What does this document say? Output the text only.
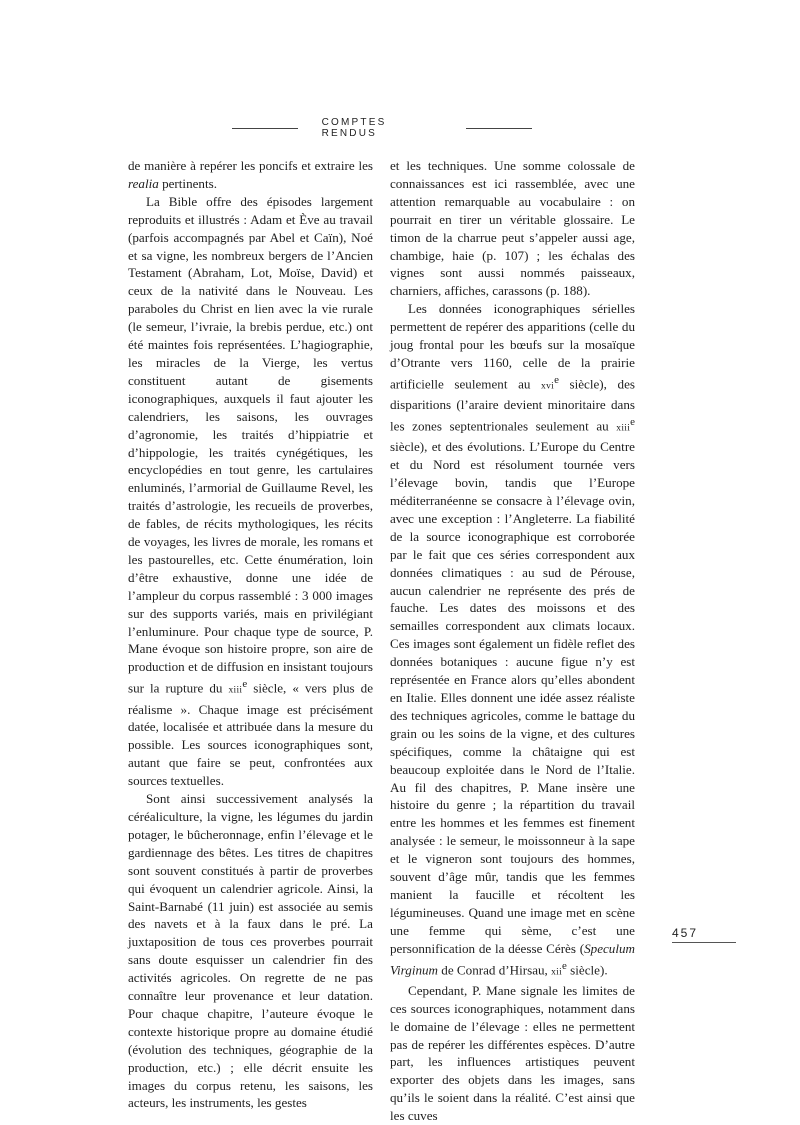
COMPTES RENDUS

de manière à repérer les poncifs et extraire les realia pertinents.

La Bible offre des épisodes largement reproduits et illustrés : Adam et Ève au travail (parfois accompagnés par Abel et Caïn), Noé et sa vigne, les nombreux bergers de l’Ancien Testament (Abraham, Lot, Moïse, David) et ceux de la nativité dans le Nouveau. Les paraboles du Christ en lien avec la vie rurale (le semeur, l’ivraie, la brebis perdue, etc.) ont été maintes fois représentées. L’hagiographie, les miracles de la Vierge, les vertus constituent autant de gisements iconographiques, auxquels il faut ajouter les calendriers, les saisons, les ouvrages d’agronomie, les traités d’hippiatrie et d’hippologie, les traités cynégétiques, les encyclopédies en tout genre, les cartulaires enluminés, l’armorial de Guillaume Revel, les traités d’astrologie, les recueils de proverbes, de fables, de récits mythologiques, les récits de voyages, les livres de morale, les romans et les pastourelles, etc. Cette énumération, loin d’être exhaustive, donne une idée de l’ampleur du corpus rassemblé : 3 000 images sur des supports variés, mais en privilégiant l’enluminure. Pour chaque type de source, P. Mane évoque son histoire propre, son aire de production et de diffusion en insistant toujours sur la rupture du xiii$^e$ siècle, « vers plus de réalisme ». Chaque image est précisément datée, localisée et attribuée dans la mesure du possible. Les sources iconographiques sont, autant que faire se peut, confrontées aux sources textuelles.

Sont ainsi successivement analysés la céréaliculture, la vigne, les légumes du jardin potager, le bûcheronnage, enfin l’élevage et le gardiennage des bêtes. Les titres de chapitres sont souvent constitués à partir de proverbes qui évoquent un calendrier agricole. Ainsi, la Saint-Barnabé (11 juin) est associée au semis des navets et à la faux dans le pré. La juxtaposition de tous ces proverbes pourrait sans doute esquisser un calendrier fin des activités agricoles. On regrette de ne pas connaître leur provenance et leur datation. Pour chaque chapitre, l’auteure évoque le contexte historique propre au domaine étudié (évolution des techniques, géographie de la production, etc.) ; elle décrit ensuite les images du corpus retenu, les saisons, les acteurs, les instruments, les gestes

et les techniques. Une somme colossale de connaissances est ici rassemblée, avec une attention remarquable au vocabulaire : on pourrait en tirer un véritable glossaire. Le timon de la charrue peut s’appeler aussi age, chambige, haie (p. 107) ; les échalas des vignes sont aussi nommés paisseaux, charniers, affiches, carassons (p. 188).

Les données iconographiques sérielles permettent de repérer des apparitions (celle du joug frontal pour les bœufs sur la mosaïque d’Otrante vers 1160, celle de la prairie artificielle seulement au xvi$^e$ siècle), des disparitions (l’araire devient minoritaire dans les zones septentrionales seulement au xiii$^e$ siècle), et des évolutions. L’Europe du Centre et du Nord est résolument tournée vers l’élevage bovin, tandis que l’Europe méditerranéenne se consacre à l’élevage ovin, avec une exception : l’Angleterre. La fiabilité de la source iconographique est corroborée par le fait que ces séries correspondent aux données climatiques : au sud de Pérouse, aucun calendrier ne représente des prés de fauche. Les dates des moissons et des semailles correspondent aux climats locaux. Ces images sont également un fidèle reflet des données botaniques : aucune figue n’y est représentée en France alors qu’elles abondent en Italie. Elles donnent une idée assez réaliste des techniques agricoles, comme le battage du grain ou les soins de la vigne, et des cultures spécifiques, comme la châtaigne qui est beaucoup exploitée dans le Nord de l’Italie. Au fil des chapitres, P. Mane insère une histoire du genre ; la répartition du travail entre les hommes et les femmes est finement analysée : le semeur, le moissonneur à la sape et le vigneron sont toujours des hommes, souvent d’âge mûr, tandis que les femmes manient la faucille et récoltent les légumineuses. Quand une image met en scène une femme qui sème, c’est une personnification de la déesse Cérès (Speculum Virginum de Conrad d’Hirsau, xii$^e$ siècle).

Cependant, P. Mane signale les limites de ces sources iconographiques, notamment dans le domaine de l’élevage : elles ne permettent pas de repérer les différentes espèces. D’autre part, les influences artistiques peuvent exporter des objets dans les images, sans qu’ils le soient dans la réalité. C’est ainsi que les cuves

457
